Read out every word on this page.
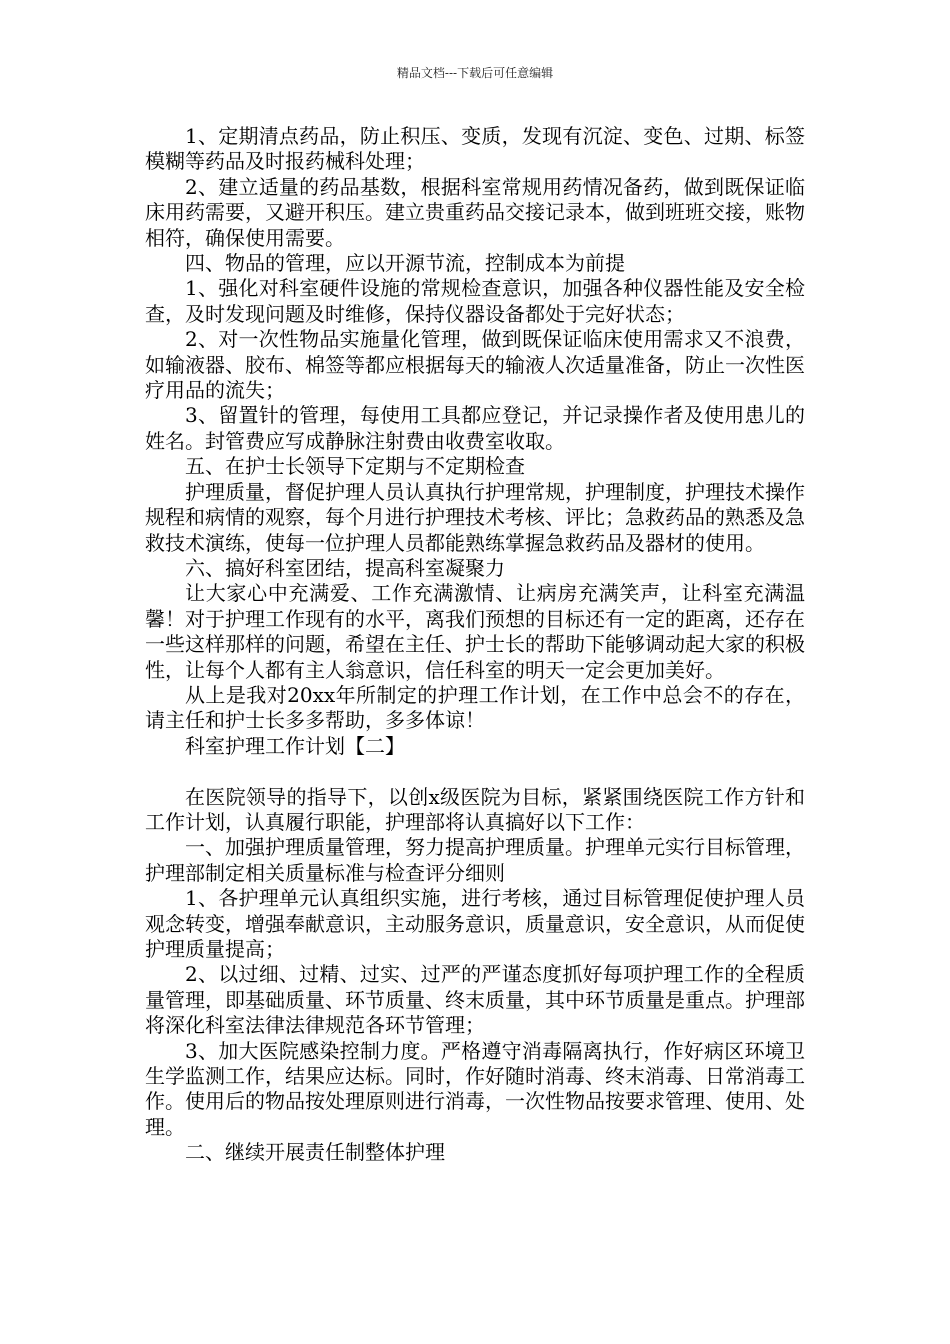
精品文档---下载后可任意编辑

1、定期清点药品，防止积压、变质，发现有沉淀、变色、过期、标签模糊等药品及时报药械科处理；

2、建立适量的药品基数，根据科室常规用药情况备药，做到既保证临床用药需要，又避开积压。建立贵重药品交接记录本，做到班班交接，账物相符，确保使用需要。

四、物品的管理，应以开源节流，控制成本为前提

1、强化对科室硬件设施的常规检查意识，加强各种仪器性能及安全检查，及时发现问题及时维修，保持仪器设备都处于完好状态；

2、对一次性物品实施量化管理，做到既保证临床使用需求又不浪费，如输液器、胶布、棉签等都应根据每天的输液人次适量准备，防止一次性医疗用品的流失；

3、留置针的管理，每使用工具都应登记，并记录操作者及使用患儿的姓名。封管费应写成静脉注射费由收费室收取。

五、在护士长领导下定期与不定期检查

护理质量，督促护理人员认真执行护理常规，护理制度，护理技术操作规程和病情的观察，每个月进行护理技术考核、评比；急救药品的熟悉及急救技术演练，使每一位护理人员都能熟练掌握急救药品及器材的使用。

六、搞好科室团结，提高科室凝聚力

让大家心中充满爱、工作充满激情、让病房充满笑声，让科室充满温馨！对于护理工作现有的水平，离我们预想的目标还有一定的距离，还存在一些这样那样的问题，希望在主任、护士长的帮助下能够调动起大家的积极性，让每个人都有主人翁意识，信任科室的明天一定会更加美好。

从上是我对20xx年所制定的护理工作计划，在工作中总会不的存在，请主任和护士长多多帮助，多多体谅！

科室护理工作计划【二】

在医院领导的指导下，以创x级医院为目标，紧紧围绕医院工作方针和工作计划，认真履行职能，护理部将认真搞好以下工作：

一、加强护理质量管理，努力提高护理质量。护理单元实行目标管理，护理部制定相关质量标准与检查评分细则

1、各护理单元认真组织实施，进行考核，通过目标管理促使护理人员观念转变，增强奉献意识，主动服务意识，质量意识，安全意识，从而促使护理质量提高；

2、以过细、过精、过实、过严的严谨态度抓好每项护理工作的全程质量管理，即基础质量、环节质量、终末质量，其中环节质量是重点。护理部将深化科室法律法律规范各环节管理；

3、加大医院感染控制力度。严格遵守消毒隔离执行，作好病区环境卫生学监测工作，结果应达标。同时，作好随时消毒、终末消毒、日常消毒工作。使用后的物品按处理原则进行消毒，一次性物品按要求管理、使用、处理。

二、继续开展责任制整体护理
